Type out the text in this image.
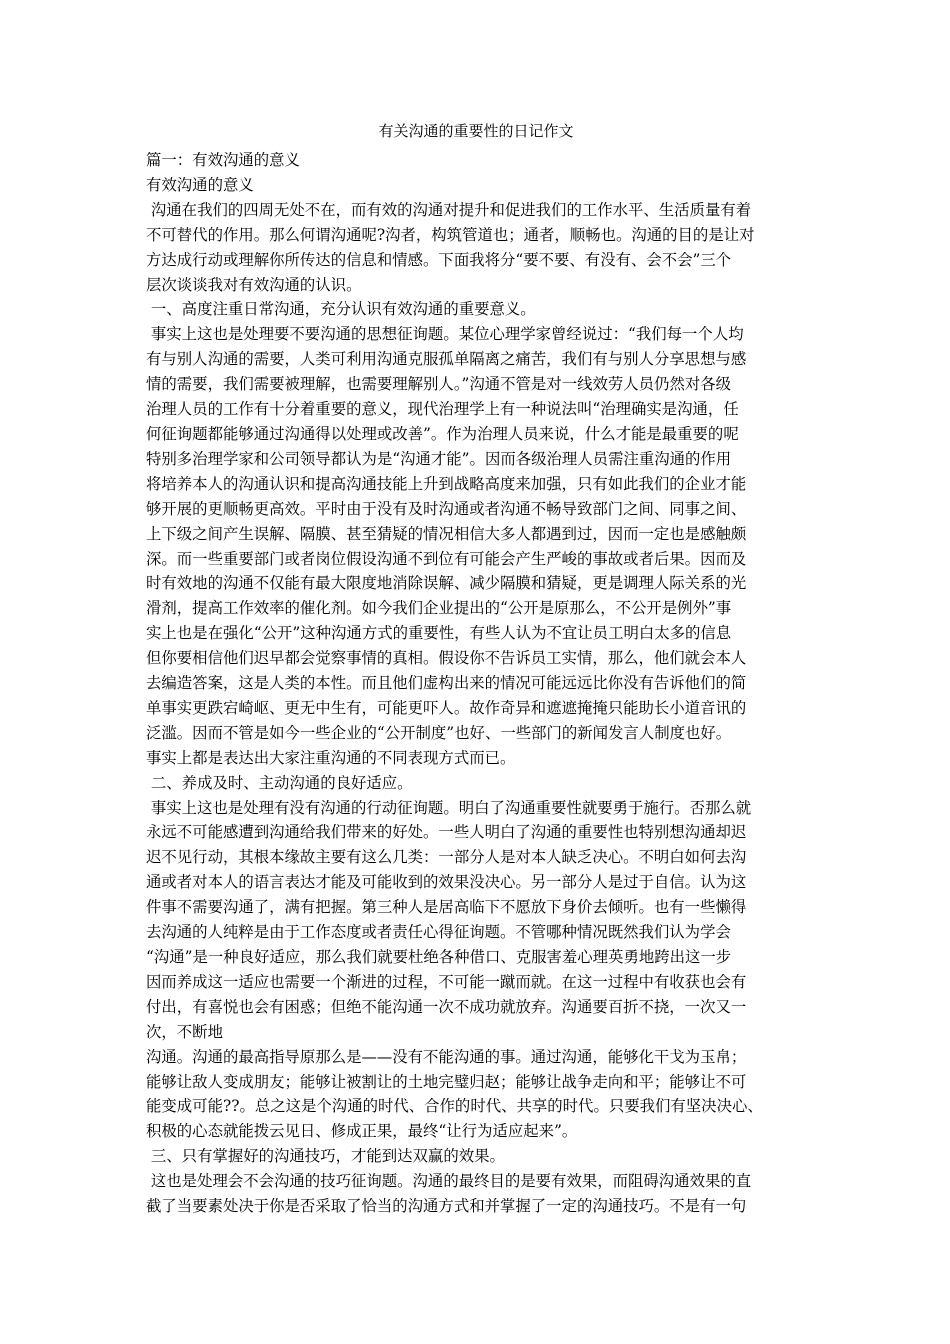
有关沟通的重要性的日记作文

篇一：有效沟通的意义

有效沟通的意义

沟通在我们的四周无处不在，而有效的沟通对提升和促进我们的工作水平、生活质量有着

不可替代的作用。那么何谓沟通呢?沟者，构筑管道也；通者，顺畅也。沟通的目的是让对

方达成行动或理解你所传达的信息和情感。下面我将分“要不要、有没有、会不会”三个

层次谈谈我对有效沟通的认识。

一、高度注重日常沟通，充分认识有效沟通的重要意义。

事实上这也是处理要不要沟通的思想征询题。某位心理学家曾经说过：“我们每一个人均

有与别人沟通的需要，人类可利用沟通克服孤单隔离之痛苦，我们有与别人分享思想与感

情的需要，我们需要被理解，也需要理解别人。”沟通不管是对一线效劳人员仍然对各级

治理人员的工作有十分着重要的意义，现代治理学上有一种说法叫“治理确实是沟通，任

何征询题都能够通过沟通得以处理或改善”。作为治理人员来说，什么才能是最重要的呢

特别多治理学家和公司领导都认为是“沟通才能”。因而各级治理人员需注重沟通的作用

将培养本人的沟通认识和提高沟通技能上升到战略高度来加强，只有如此我们的企业才能

够开展的更顺畅更高效。平时由于没有及时沟通或者沟通不畅导致部门之间、同事之间、

上下级之间产生误解、隔膜、甚至猜疑的情况相信大多人都遇到过，因而一定也是感触颇

深。而一些重要部门或者岗位假设沟通不到位有可能会产生严峻的事故或者后果。因而及

时有效地的沟通不仅能有最大限度地消除误解、减少隔膜和猜疑，更是调理人际关系的光

滑剂，提高工作效率的催化剂。如今我们企业提出的“公开是原那么，不公开是例外”事

实上也是在强化“公开”这种沟通方式的重要性，有些人认为不宜让员工明白太多的信息

但你要相信他们迟早都会觉察事情的真相。假设你不告诉员工实情，那么，他们就会本人

去编造答案，这是人类的本性。而且他们虚构出来的情况可能远远比你没有告诉他们的简

单事实更跌宕崎岖、更无中生有，可能更吓人。故作奇异和遮遮掩掩只能助长小道音讯的

泛滥。因而不管是如今一些企业的“公开制度”也好、一些部门的新闻发言人制度也好。

事实上都是表达出大家注重沟通的不同表现方式而已。

二、养成及时、主动沟通的良好适应。

事实上这也是处理有没有沟通的行动征询题。明白了沟通重要性就要勇于施行。否那么就

永远不可能感遭到沟通给我们带来的好处。一些人明白了沟通的重要性也特别想沟通却迟

迟不见行动，其根本缘故主要有这么几类：一部分人是对本人缺乏决心。不明白如何去沟

通或者对本人的语言表达才能及可能收到的效果没决心。另一部分人是过于自信。认为这

件事不需要沟通了，满有把握。第三种人是居高临下不愿放下身价去倾听。也有一些懒得

去沟通的人纯粹是由于工作态度或者责任心得征询题。不管哪种情况既然我们认为学会

“沟通”是一种良好适应，那么我们就要杜绝各种借口、克服害羞心理英勇地跨出这一步

因而养成这一适应也需要一个渐进的过程，不可能一蹴而就。在这一过程中有收获也会有

付出，有喜悦也会有困惑；但绝不能沟通一次不成功就放弃。沟通要百折不挠，一次又一

次，不断地

沟通。沟通的最高指导原那么是——没有不能沟通的事。通过沟通，能够化干戈为玉帛；

能够让敌人变成朋友；能够让被割让的土地完璧归赵；能够让战争走向和平；能够让不可

能变成可能??。总之这是个沟通的时代、合作的时代、共享的时代。只要我们有坚决决心、

积极的心态就能拨云见日、修成正果，最终“让行为适应起来”。

三、只有掌握好的沟通技巧，才能到达双赢的效果。

这也是处理会不会沟通的技巧征询题。沟通的最终目的是要有效果，而阻碍沟通效果的直

截了当要素处决于你是否采取了恰当的沟通方式和并掌握了一定的沟通技巧。不是有一句
